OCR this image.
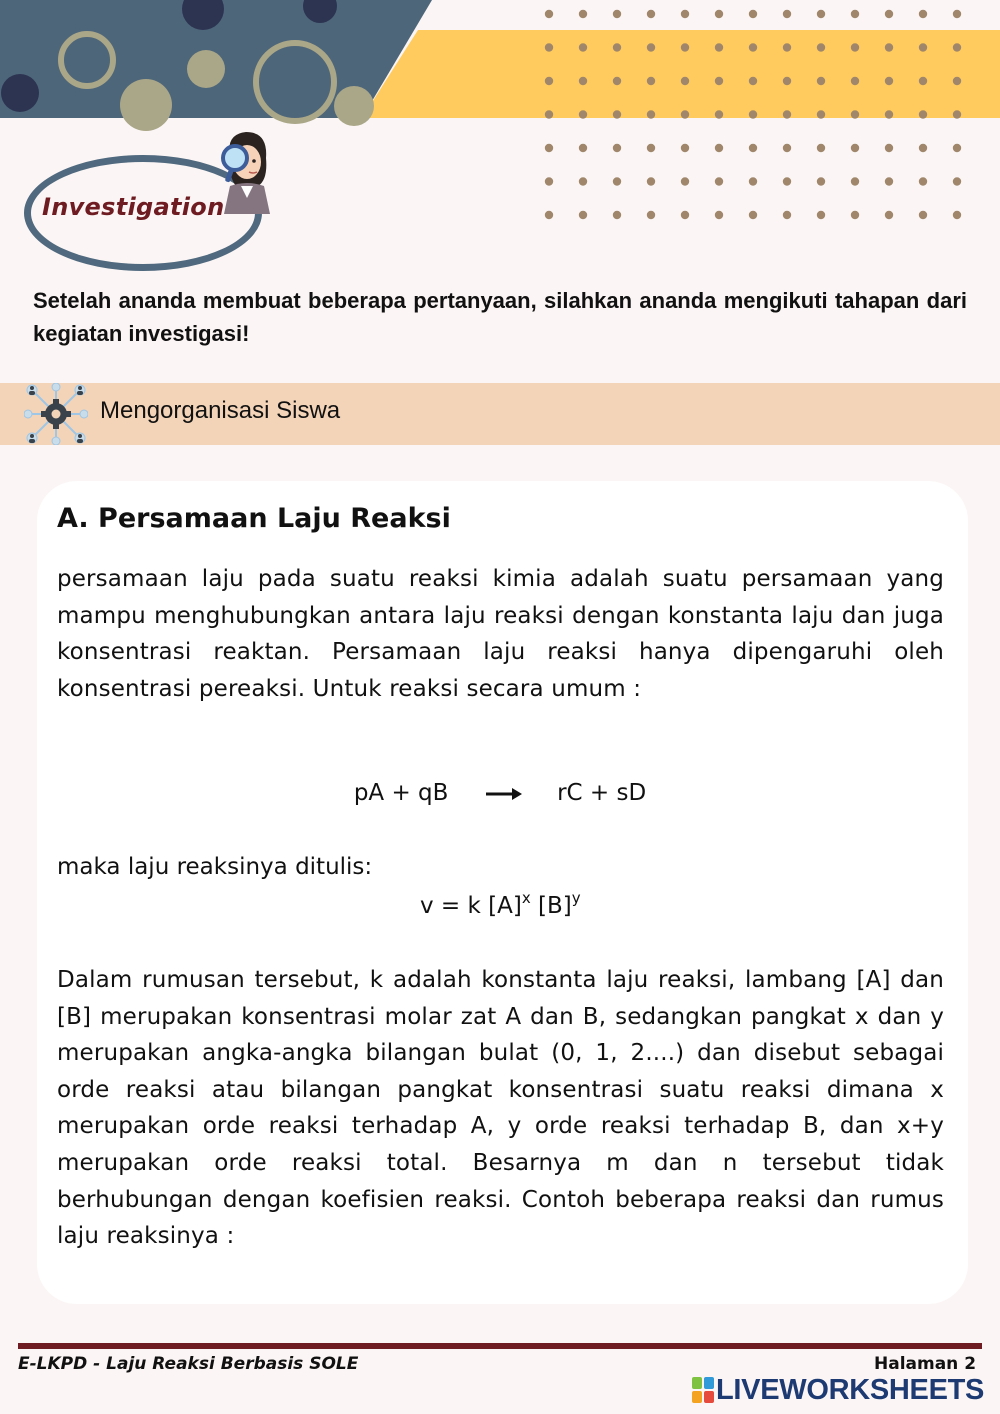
Investigation
Setelah ananda membuat beberapa pertanyaan, silahkan ananda mengikuti tahapan dari kegiatan investigasi!
Mengorganisasi Siswa
A. Persamaan Laju Reaksi
persamaan laju pada suatu reaksi kimia adalah suatu persamaan yang mampu menghubungkan antara laju reaksi dengan konstanta laju dan juga konsentrasi reaktan. Persamaan laju reaksi hanya dipengaruhi oleh konsentrasi pereaksi. Untuk reaksi secara umum :
pA + qB	rC + sD
maka laju reaksinya ditulis:
v = k $[A]^x$ $[B]^y$
Dalam rumusan tersebut, k adalah konstanta laju reaksi, lambang [A] dan [B] merupakan konsentrasi molar zat A dan B, sedangkan pangkat x dan y merupakan angka-angka bilangan bulat (0, 1, 2....) dan disebut sebagai orde reaksi atau bilangan pangkat konsentrasi suatu reaksi dimana x merupakan orde reaksi terhadap A, y orde reaksi terhadap B, dan x+y merupakan orde reaksi total. Besarnya m dan n tersebut tidak berhubungan dengan koefisien reaksi. Contoh beberapa reaksi dan rumus laju reaksinya :
E-LKPD - Laju Reaksi Berbasis SOLE	Halaman 2
LIVEWORKSHEETS
